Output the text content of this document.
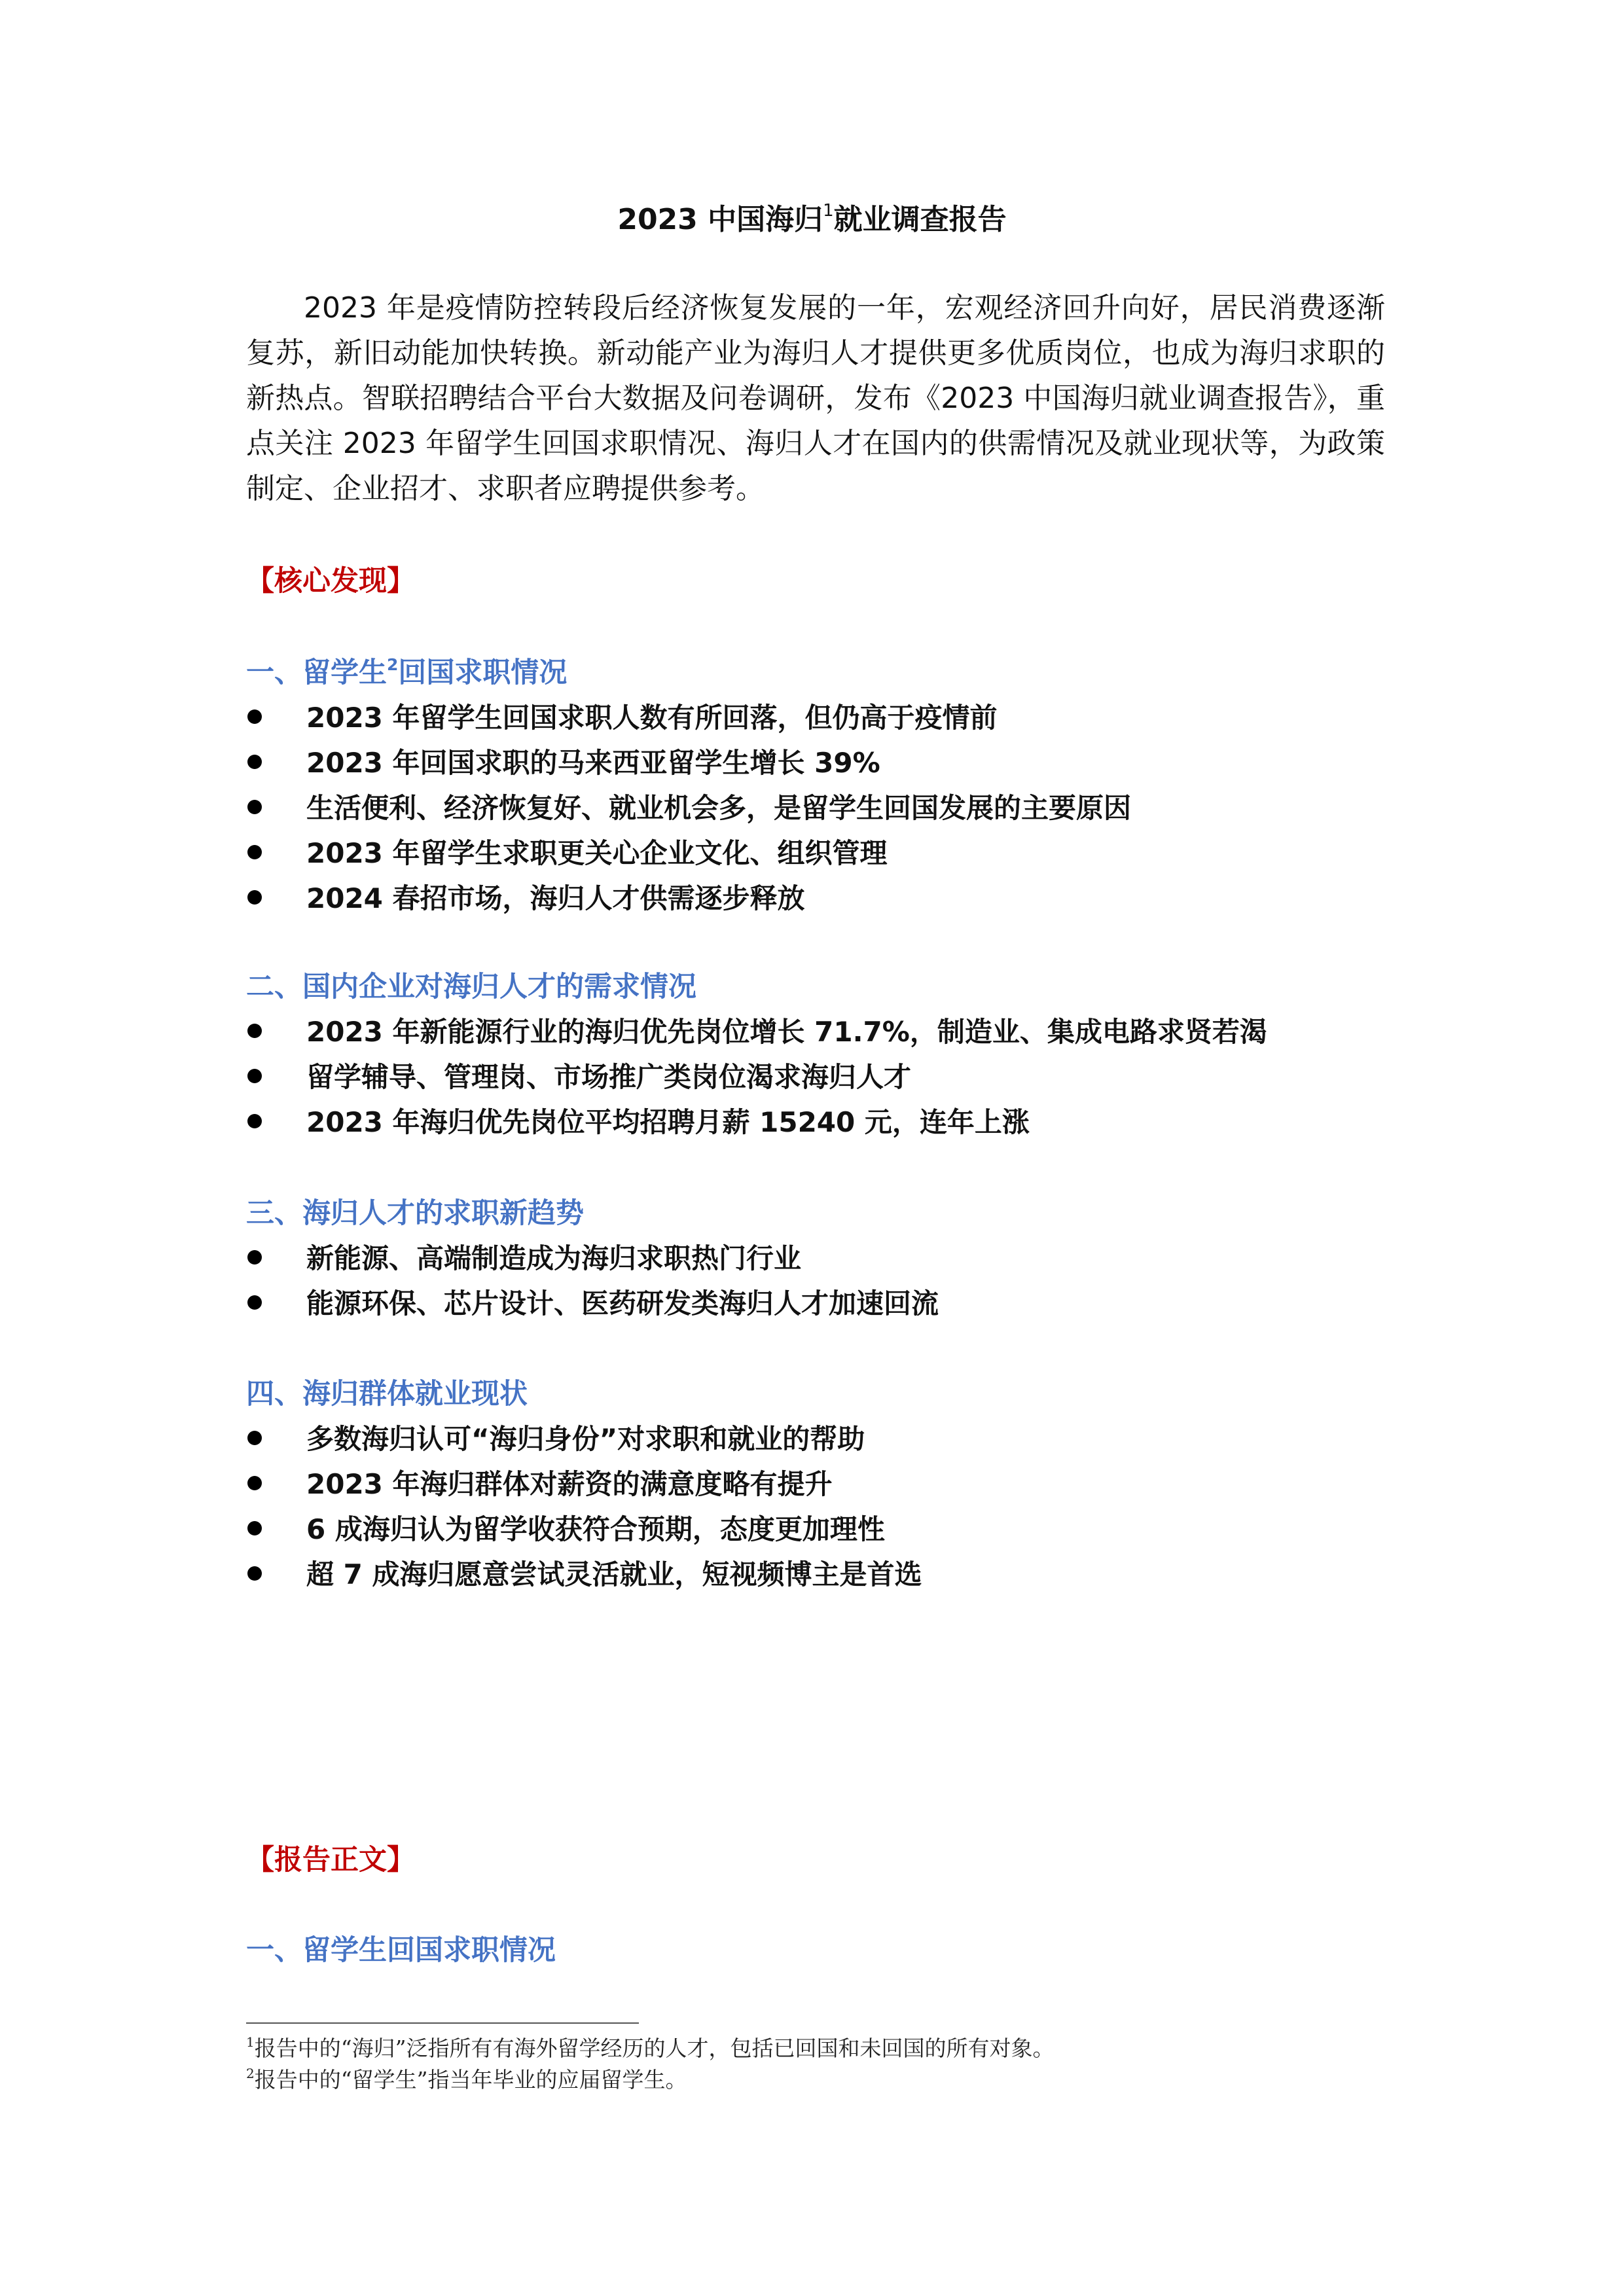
2023 中国海归$^1$就业调查报告

2023 年是疫情防控转段后经济恢复发展的一年，宏观经济回升向好，居民消费逐渐复苏，新旧动能加快转换。新动能产业为海归人才提供更多优质岗位，也成为海归求职的新热点。智联招聘结合平台大数据及问卷调研，发布《2023 中国海归就业调查报告》，重点关注 2023 年留学生回国求职情况、海归人才在国内的供需情况及就业现状等，为政策制定、企业招才、求职者应聘提供参考。

【核心发现】
一、留学生$^2$回国求职情况
2023 年留学生回国求职人数有所回落，但仍高于疫情前
2023 年回国求职的马来西亚留学生增长 39%
生活便利、经济恢复好、就业机会多，是留学生回国发展的主要原因
2023 年留学生求职更关心企业文化、组织管理
2024 春招市场，海归人才供需逐步释放
二、国内企业对海归人才的需求情况
2023 年新能源行业的海归优先岗位增长 71.7%，制造业、集成电路求贤若渴
留学辅导、管理岗、市场推广类岗位渴求海归人才
2023 年海归优先岗位平均招聘月薪 15240 元，连年上涨
三、海归人才的求职新趋势
新能源、高端制造成为海归求职热门行业
能源环保、芯片设计、医药研发类海归人才加速回流
四、海归群体就业现状
多数海归认可“海归身份”对求职和就业的帮助
2023 年海归群体对薪资的满意度略有提升
6 成海归认为留学收获符合预期，态度更加理性
超 7 成海归愿意尝试灵活就业，短视频博主是首选
【报告正文】
一、留学生回国求职情况
$^1$报告中的“海归”泛指所有有海外留学经历的人才，包括已回国和未回国的所有对象。
$^2$报告中的“留学生”指当年毕业的应届留学生。
